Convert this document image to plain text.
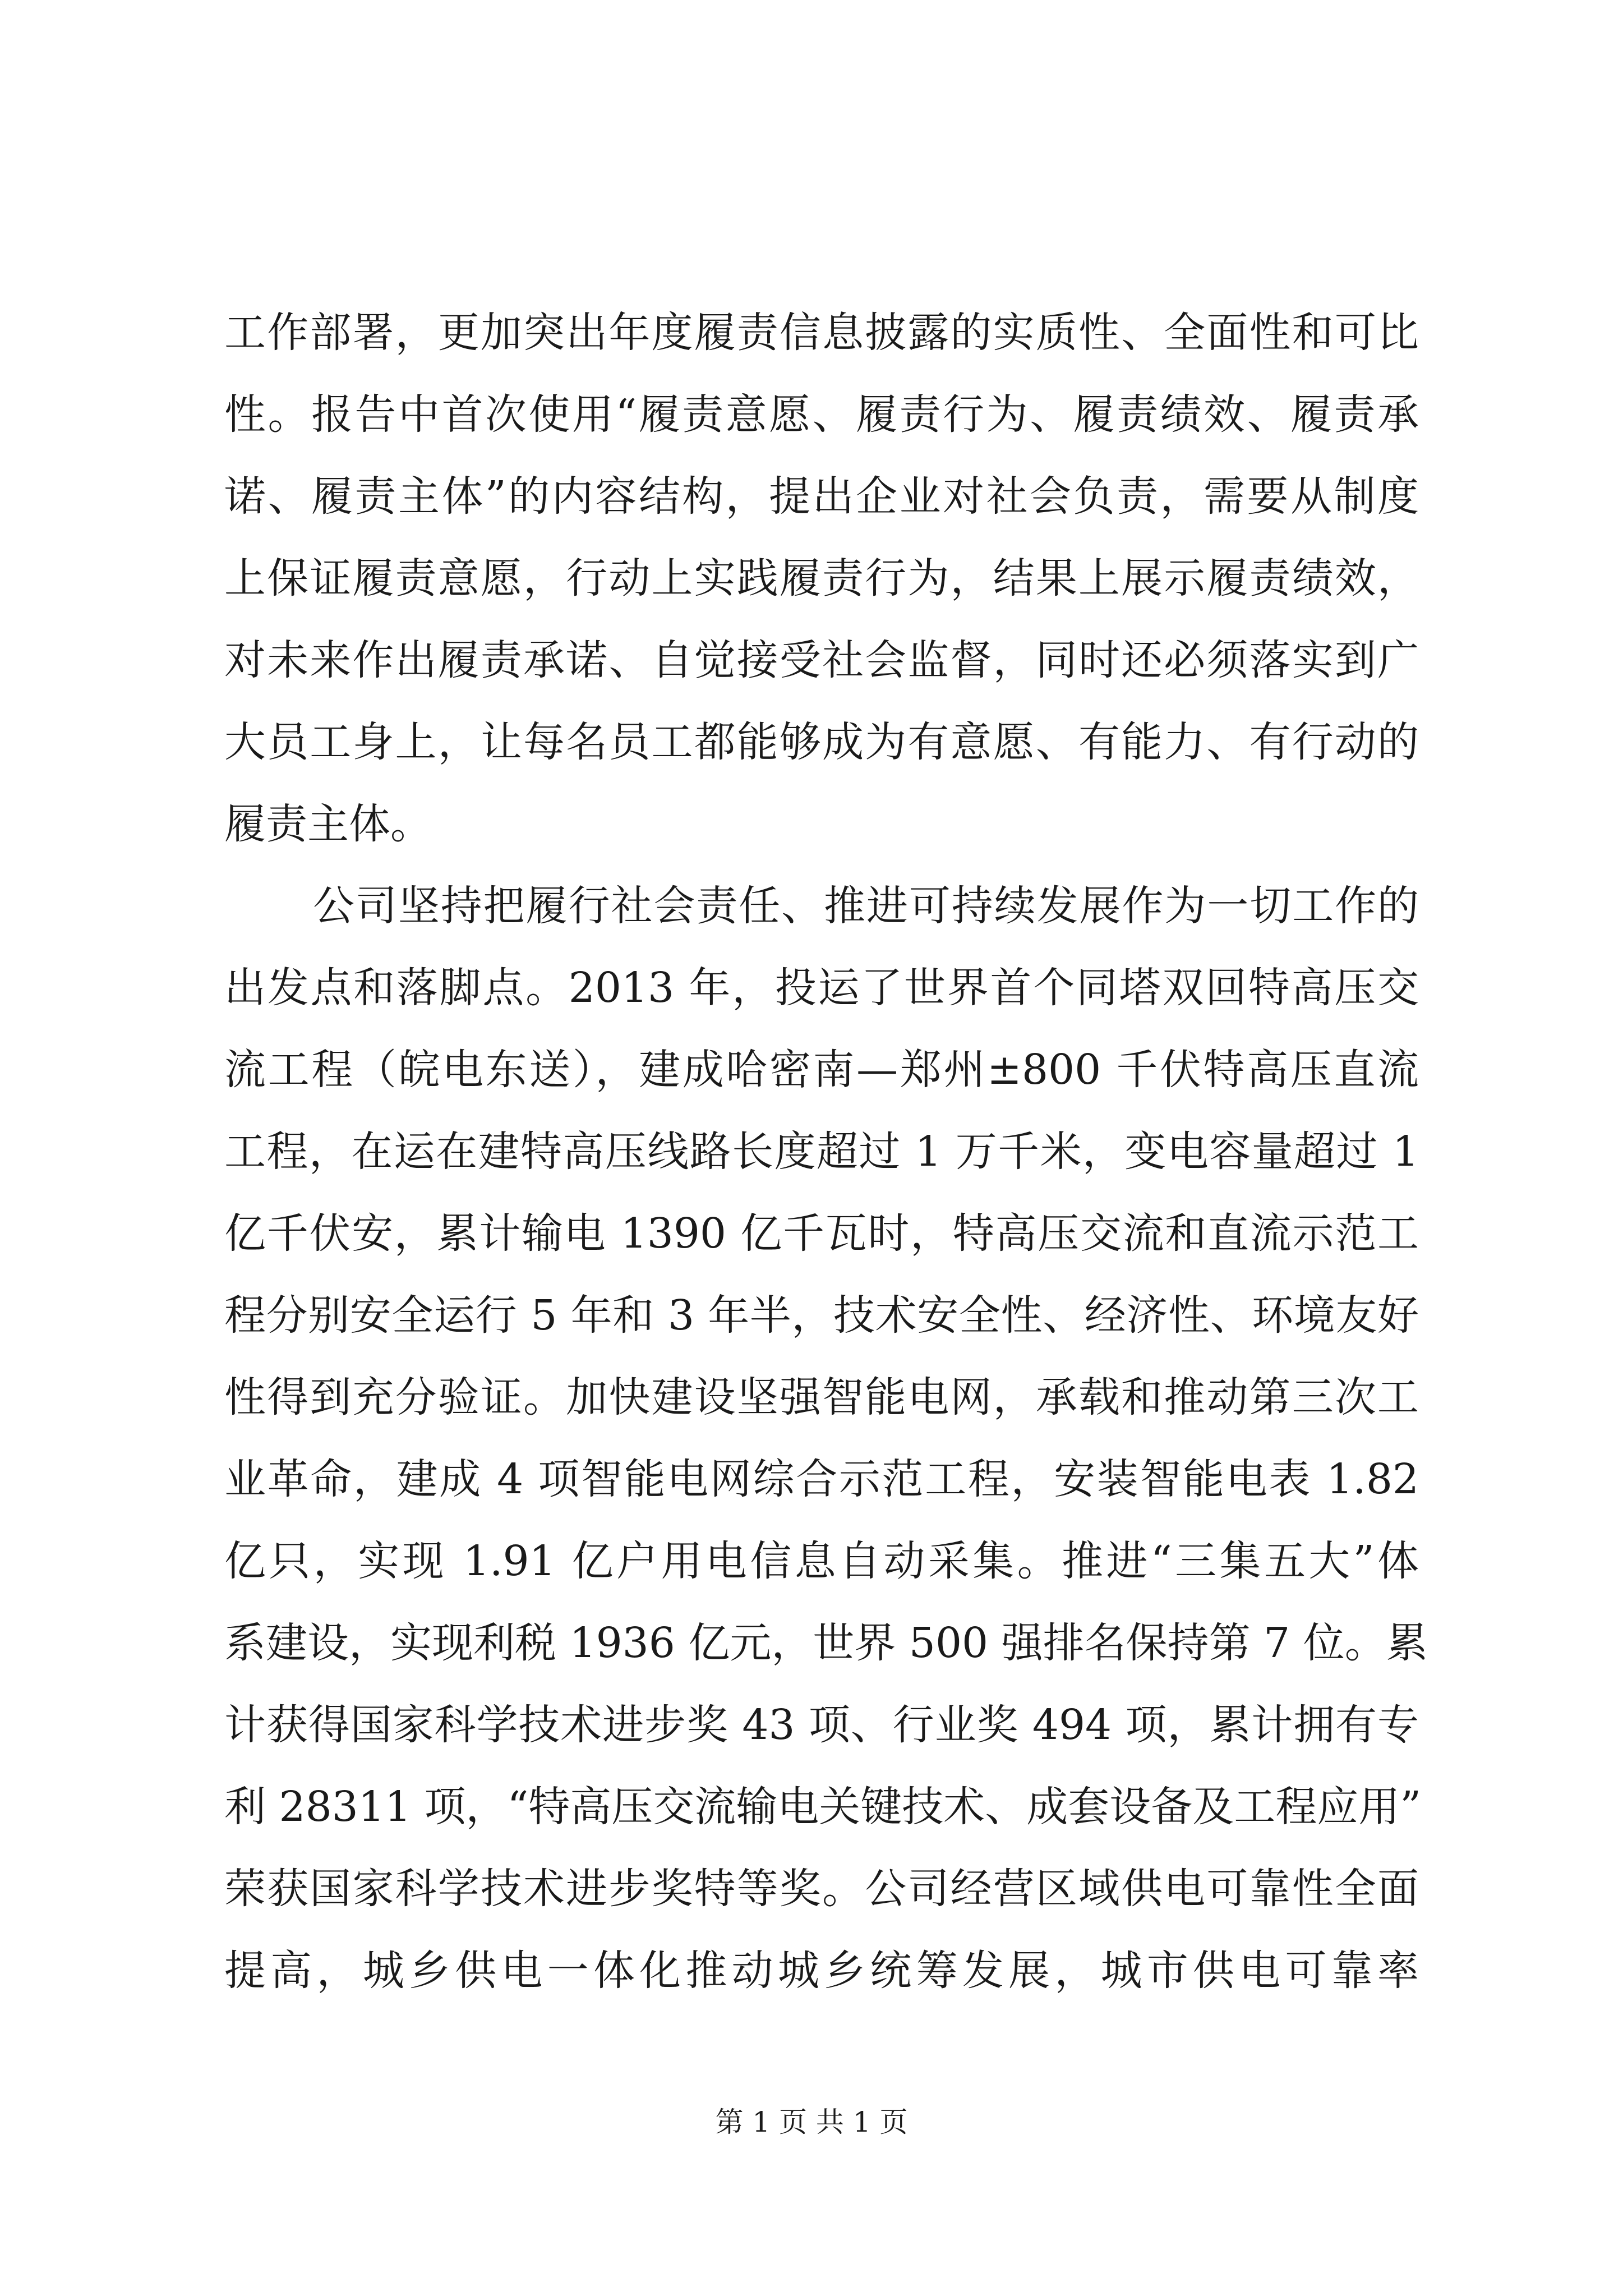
工作部署，更加突出年度履责信息披露的实质性、全面性和可比
性。报告中首次使用“履责意愿、履责行为、履责绩效、履责承
诺、履责主体”的内容结构，提出企业对社会负责，需要从制度
上保证履责意愿，行动上实践履责行为，结果上展示履责绩效，
对未来作出履责承诺、自觉接受社会监督，同时还必须落实到广
大员工身上，让每名员工都能够成为有意愿、有能力、有行动的
履责主体。
公司坚持把履行社会责任、推进可持续发展作为一切工作的
出发点和落脚点。2013 年，投运了世界首个同塔双回特高压交
流工程（皖电东送），建成哈密南—郑州±800 千伏特高压直流
工程，在运在建特高压线路长度超过 1 万千米，变电容量超过 1
亿千伏安，累计输电 1390 亿千瓦时，特高压交流和直流示范工
程分别安全运行 5 年和 3 年半，技术安全性、经济性、环境友好
性得到充分验证。加快建设坚强智能电网，承载和推动第三次工
业革命，建成 4 项智能电网综合示范工程，安装智能电表 1.82
亿只，实现 1.91 亿户用电信息自动采集。推进“三集五大”体
系建设，实现利税 1936 亿元，世界 500 强排名保持第 7 位。累
计获得国家科学技术进步奖 43 项、行业奖 494 项，累计拥有专
利 28311 项，“特高压交流输电关键技术、成套设备及工程应用”
荣获国家科学技术进步奖特等奖。公司经营区域供电可靠性全面
提高，城乡供电一体化推动城乡统筹发展，城市供电可靠率
第 1 页 共 1 页
